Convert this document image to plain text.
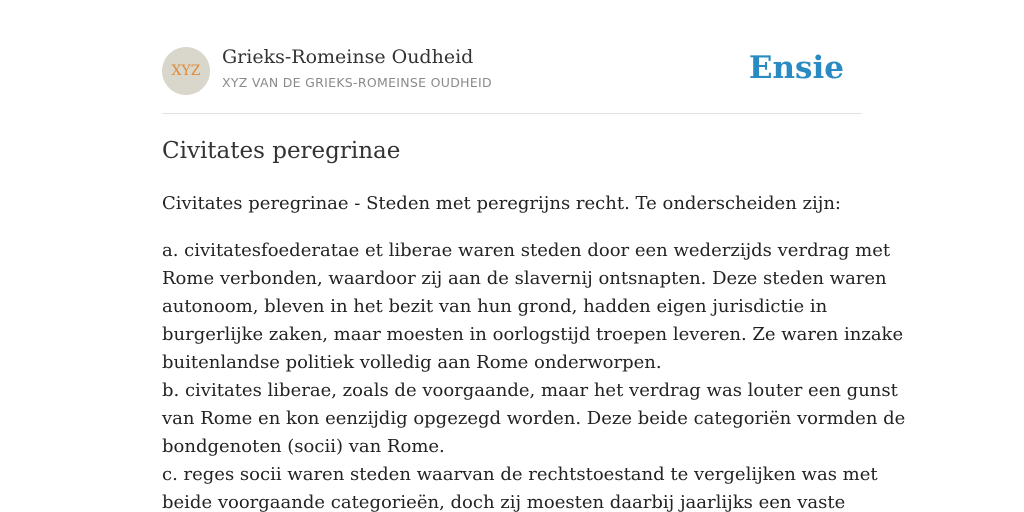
XYZ
Grieks-Romeinse Oudheid
XYZ VAN DE GRIEKS-ROMEINSE OUDHEID	Ensie
Civitates peregrinae

Civitates peregrinae - Steden met peregrijns recht. Te onderscheiden zijn:

a. civitatesfoederatae et liberae waren steden door een wederzijds verdrag met
Rome verbonden, waardoor zij aan de slavernij ontsnapten. Deze steden waren
autonoom, bleven in het bezit van hun grond, hadden eigen jurisdictie in
burgerlijke zaken, maar moesten in oorlogstijd troepen leveren. Ze waren inzake
buitenlandse politiek volledig aan Rome onderworpen.
b. civitates liberae, zoals de voorgaande, maar het verdrag was louter een gunst
van Rome en kon eenzijdig opgezegd worden. Deze beide categoriën vormden de
bondgenoten (socii) van Rome.
c. reges socii waren steden waarvan de rechtstoestand te vergelijken was met
beide voorgaande categorieën, doch zij moesten daarbij jaarlijks een vaste
